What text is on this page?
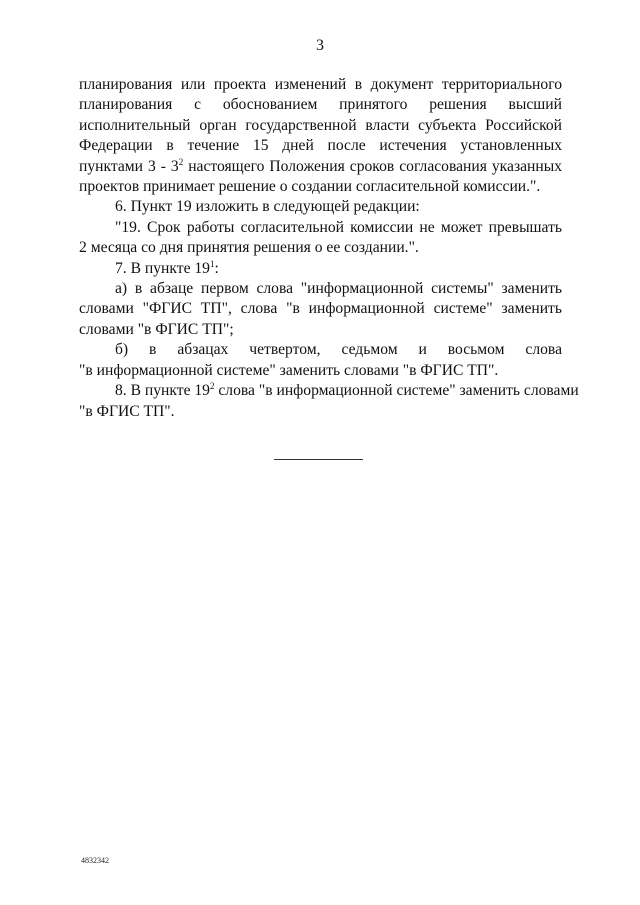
3
планирования или проекта изменений в документ территориального
планирования с обоснованием принятого решения высший
исполнительный орган государственной власти субъекта Российской
Федерации в течение 15 дней после истечения установленных
пунктами $3 - 3^2$ настоящего Положения сроков согласования указанных
проектов принимает решение о создании согласительной комиссии.".
6. Пункт 19 изложить в следующей редакции:
"19. Срок работы согласительной комиссии не может превышать
2 месяца со дня принятия решения о ее создании.".
7. В пункте $19^1$:
а) в абзаце первом слова "информационной системы" заменить
словами "ФГИС ТП", слова "в информационной системе" заменить
словами "в ФГИС ТП";
б) в абзацах четвертом, седьмом и восьмом слова
"в информационной системе" заменить словами "в ФГИС ТП".
8. В пункте $19^2$ слова "в информационной системе" заменить словами
"в ФГИС ТП".
4832342
